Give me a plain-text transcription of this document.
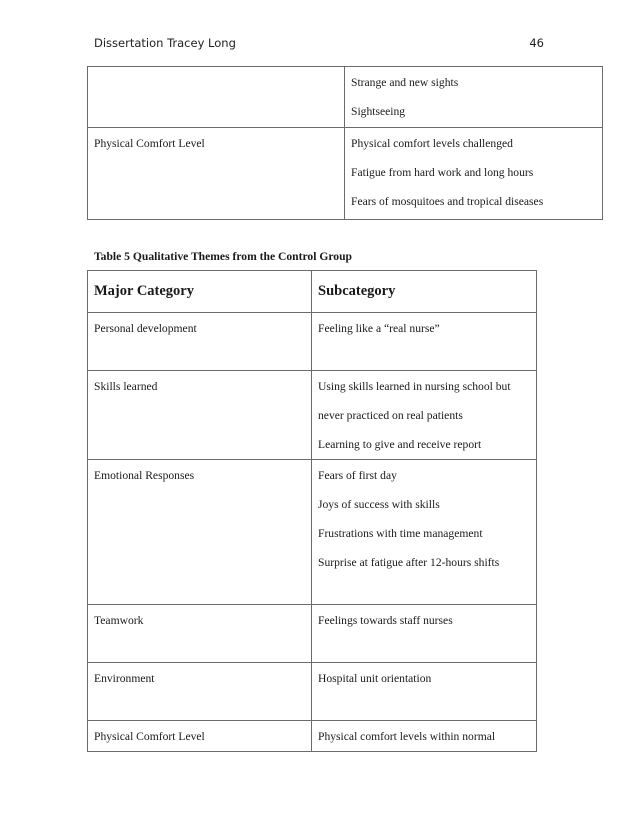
Dissertation Tracey Long	46

	Strange and new sights
Sightseeing

Physical Comfort Level	Physical comfort levels challenged
Fatigue from hard work and long hours
Fears of mosquitoes and tropical diseases
Table 5 Qualitative Themes from the Control Group
Major Category	Subcategory
Personal development	Feeling like a “real nurse”

Skills learned	Using skills learned in nursing school but
never practiced on real patients
Learning to give and receive report

Emotional Responses	Fears of first day
Joys of success with skills
Frustrations with time management
Surprise at fatigue after 12-hours shifts

Teamwork	Feelings towards staff nurses

Environment	Hospital unit orientation

Physical Comfort Level	Physical comfort levels within normal
